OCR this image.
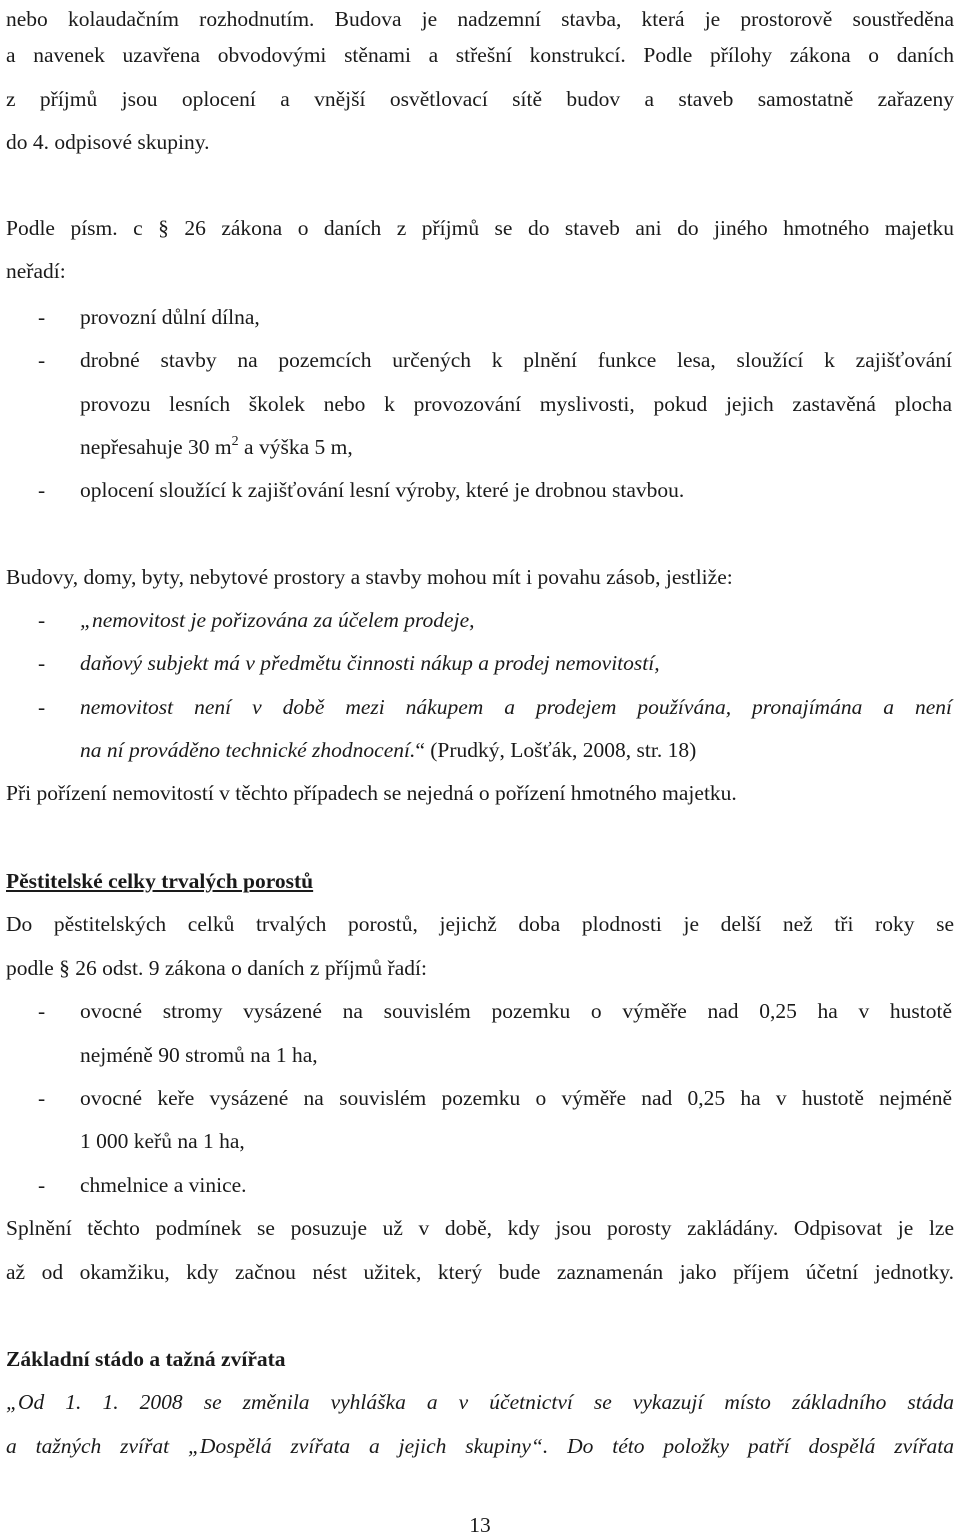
nebo kolaudačním rozhodnutím. Budova je nadzemní stavba, která je prostorově soustředěna
a navenek uzavřena obvodovými stěnami a střešní konstrukcí. Podle přílohy zákona o daních
z příjmů jsou oplocení a vnější osvětlovací sítě budov a staveb samostatně zařazeny
do 4. odpisové skupiny.
Podle písm. c § 26 zákona o daních z příjmů se do staveb ani do jiného hmotného majetku
neřadí:
- provozní důlní dílna,
- drobné stavby na pozemcích určených k plnění funkce lesa, sloužící k zajišťování
provozu lesních školek nebo k provozování myslivosti, pokud jejich zastavěná plocha
nepřesahuje 30 $m^2$ a výška 5 m,
- oplocení sloužící k zajišťování lesní výroby, které je drobnou stavbou.
Budovy, domy, byty, nebytové prostory a stavby mohou mít i povahu zásob, jestliže:
- „nemovitost je pořizována za účelem prodeje,
- daňový subjekt má v předmětu činnosti nákup a prodej nemovitostí,
- nemovitost není v době mezi nákupem a prodejem používána, pronajímána a není
na ní prováděno technické zhodnocení.“ (Prudký, Lošťák, 2008, str. 18)
Při pořízení nemovitostí v těchto případech se nejedná o pořízení hmotného majetku.
Pěstitelské celky trvalých porostů
Do pěstitelských celků trvalých porostů, jejichž doba plodnosti je delší než tři roky se
podle § 26 odst. 9 zákona o daních z příjmů řadí:
- ovocné stromy vysázené na souvislém pozemku o výměře nad 0,25 ha v hustotě
nejméně 90 stromů na 1 ha,
- ovocné keře vysázené na souvislém pozemku o výměře nad 0,25 ha v hustotě nejméně
1 000 keřů na 1 ha,
- chmelnice a vinice.
Splnění těchto podmínek se posuzuje už v době, kdy jsou porosty zakládány. Odpisovat je lze
až od okamžiku, kdy začnou nést užitek, který bude zaznamenán jako příjem účetní jednotky.
Základní stádo a tažná zvířata
„Od 1. 1. 2008 se změnila vyhláška a v účetnictví se vykazují místo základního stáda
a tažných zvířat „Dospělá zvířata a jejich skupiny“. Do této položky patří dospělá zvířata
13
